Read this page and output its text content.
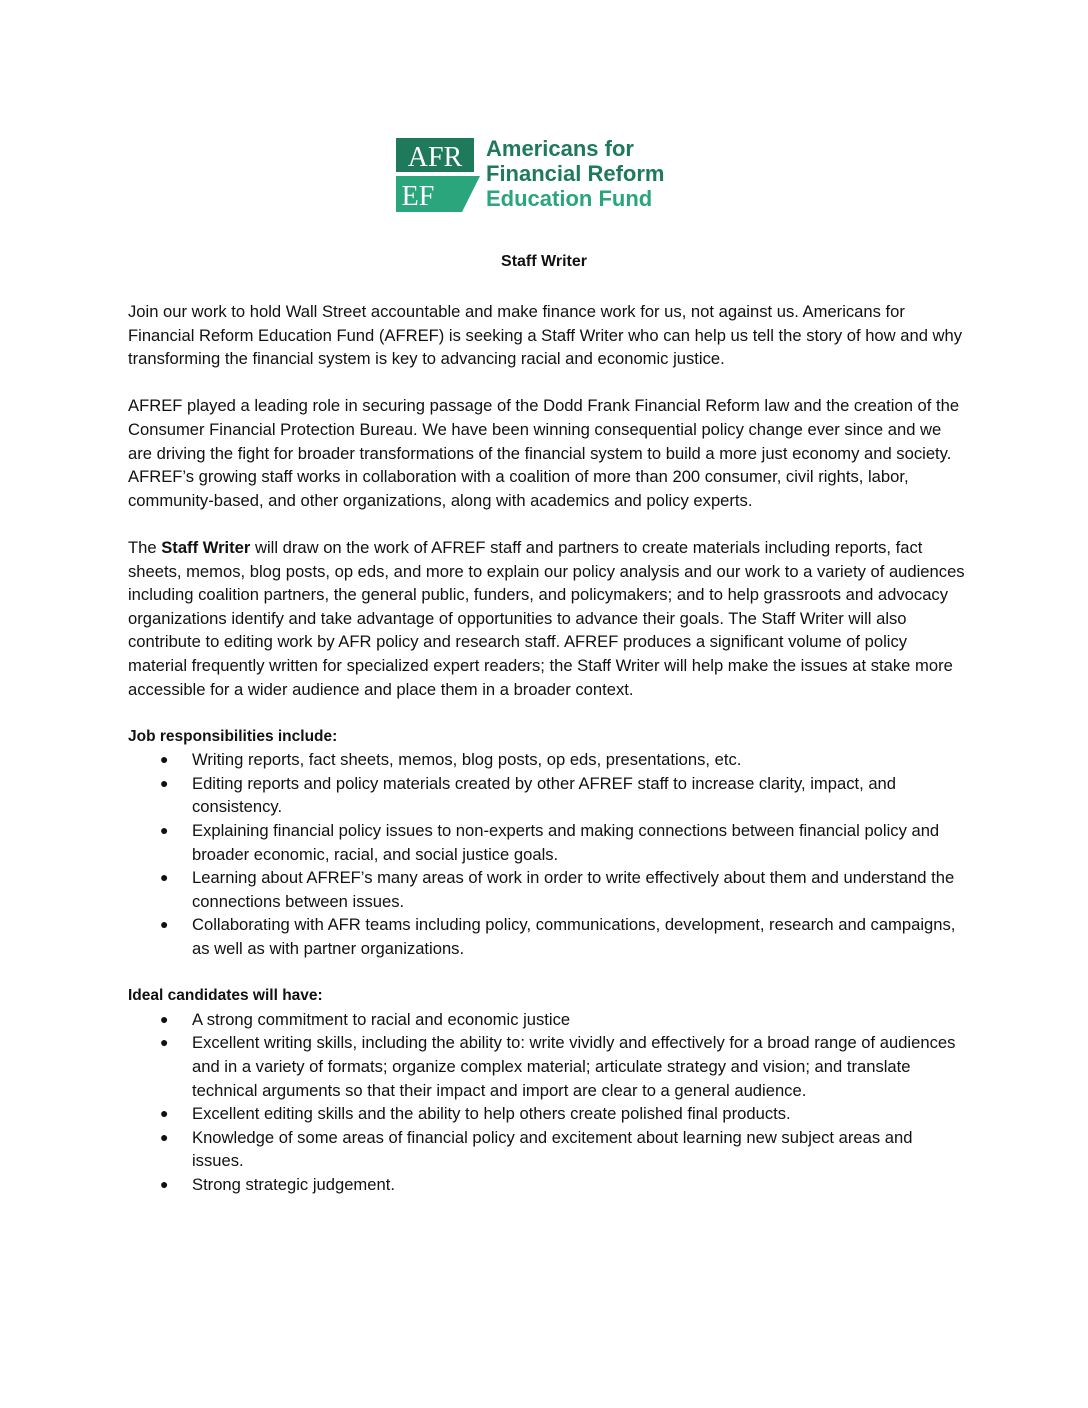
AFR
EF
Americans for
Financial Reform
Education Fund
Staff Writer

Join our work to hold Wall Street accountable and make finance work for us, not against us. Americans for Financial Reform Education Fund (AFREF) is seeking a Staff Writer who can help us tell the story of how and why transforming the financial system is key to advancing racial and economic justice.

AFREF played a leading role in securing passage of the Dodd Frank Financial Reform law and the creation of the Consumer Financial Protection Bureau. We have been winning consequential policy change ever since and we are driving the fight for broader transformations of the financial system to build a more just economy and society. AFREF’s growing staff works in collaboration with a coalition of more than 200 consumer, civil rights, labor, community-based, and other organizations, along with academics and policy experts.

The Staff Writer will draw on the work of AFREF staff and partners to create materials including reports, fact sheets, memos, blog posts, op eds, and more to explain our policy analysis and our work to a variety of audiences including coalition partners, the general public, funders, and policymakers; and to help grassroots and advocacy organizations identify and take advantage of opportunities to advance their goals. The Staff Writer will also contribute to editing work by AFR policy and research staff. AFREF produces a significant volume of policy material frequently written for specialized expert readers; the Staff Writer will help make the issues at stake more accessible for a wider audience and place them in a broader context.

Job responsibilities include:
● Writing reports, fact sheets, memos, blog posts, op eds, presentations, etc.
● Editing reports and policy materials created by other AFREF staff to increase clarity, impact, and consistency.
● Explaining financial policy issues to non-experts and making connections between financial policy and broader economic, racial, and social justice goals.
● Learning about AFREF’s many areas of work in order to write effectively about them and understand the connections between issues.
● Collaborating with AFR teams including policy, communications, development, research and campaigns, as well as with partner organizations.
Ideal candidates will have:
● A strong commitment to racial and economic justice
● Excellent writing skills, including the ability to: write vividly and effectively for a broad range of audiences and in a variety of formats; organize complex material; articulate strategy and vision; and translate technical arguments so that their impact and import are clear to a general audience.
● Excellent editing skills and the ability to help others create polished final products.
● Knowledge of some areas of financial policy and excitement about learning new subject areas and issues.
● Strong strategic judgement.
